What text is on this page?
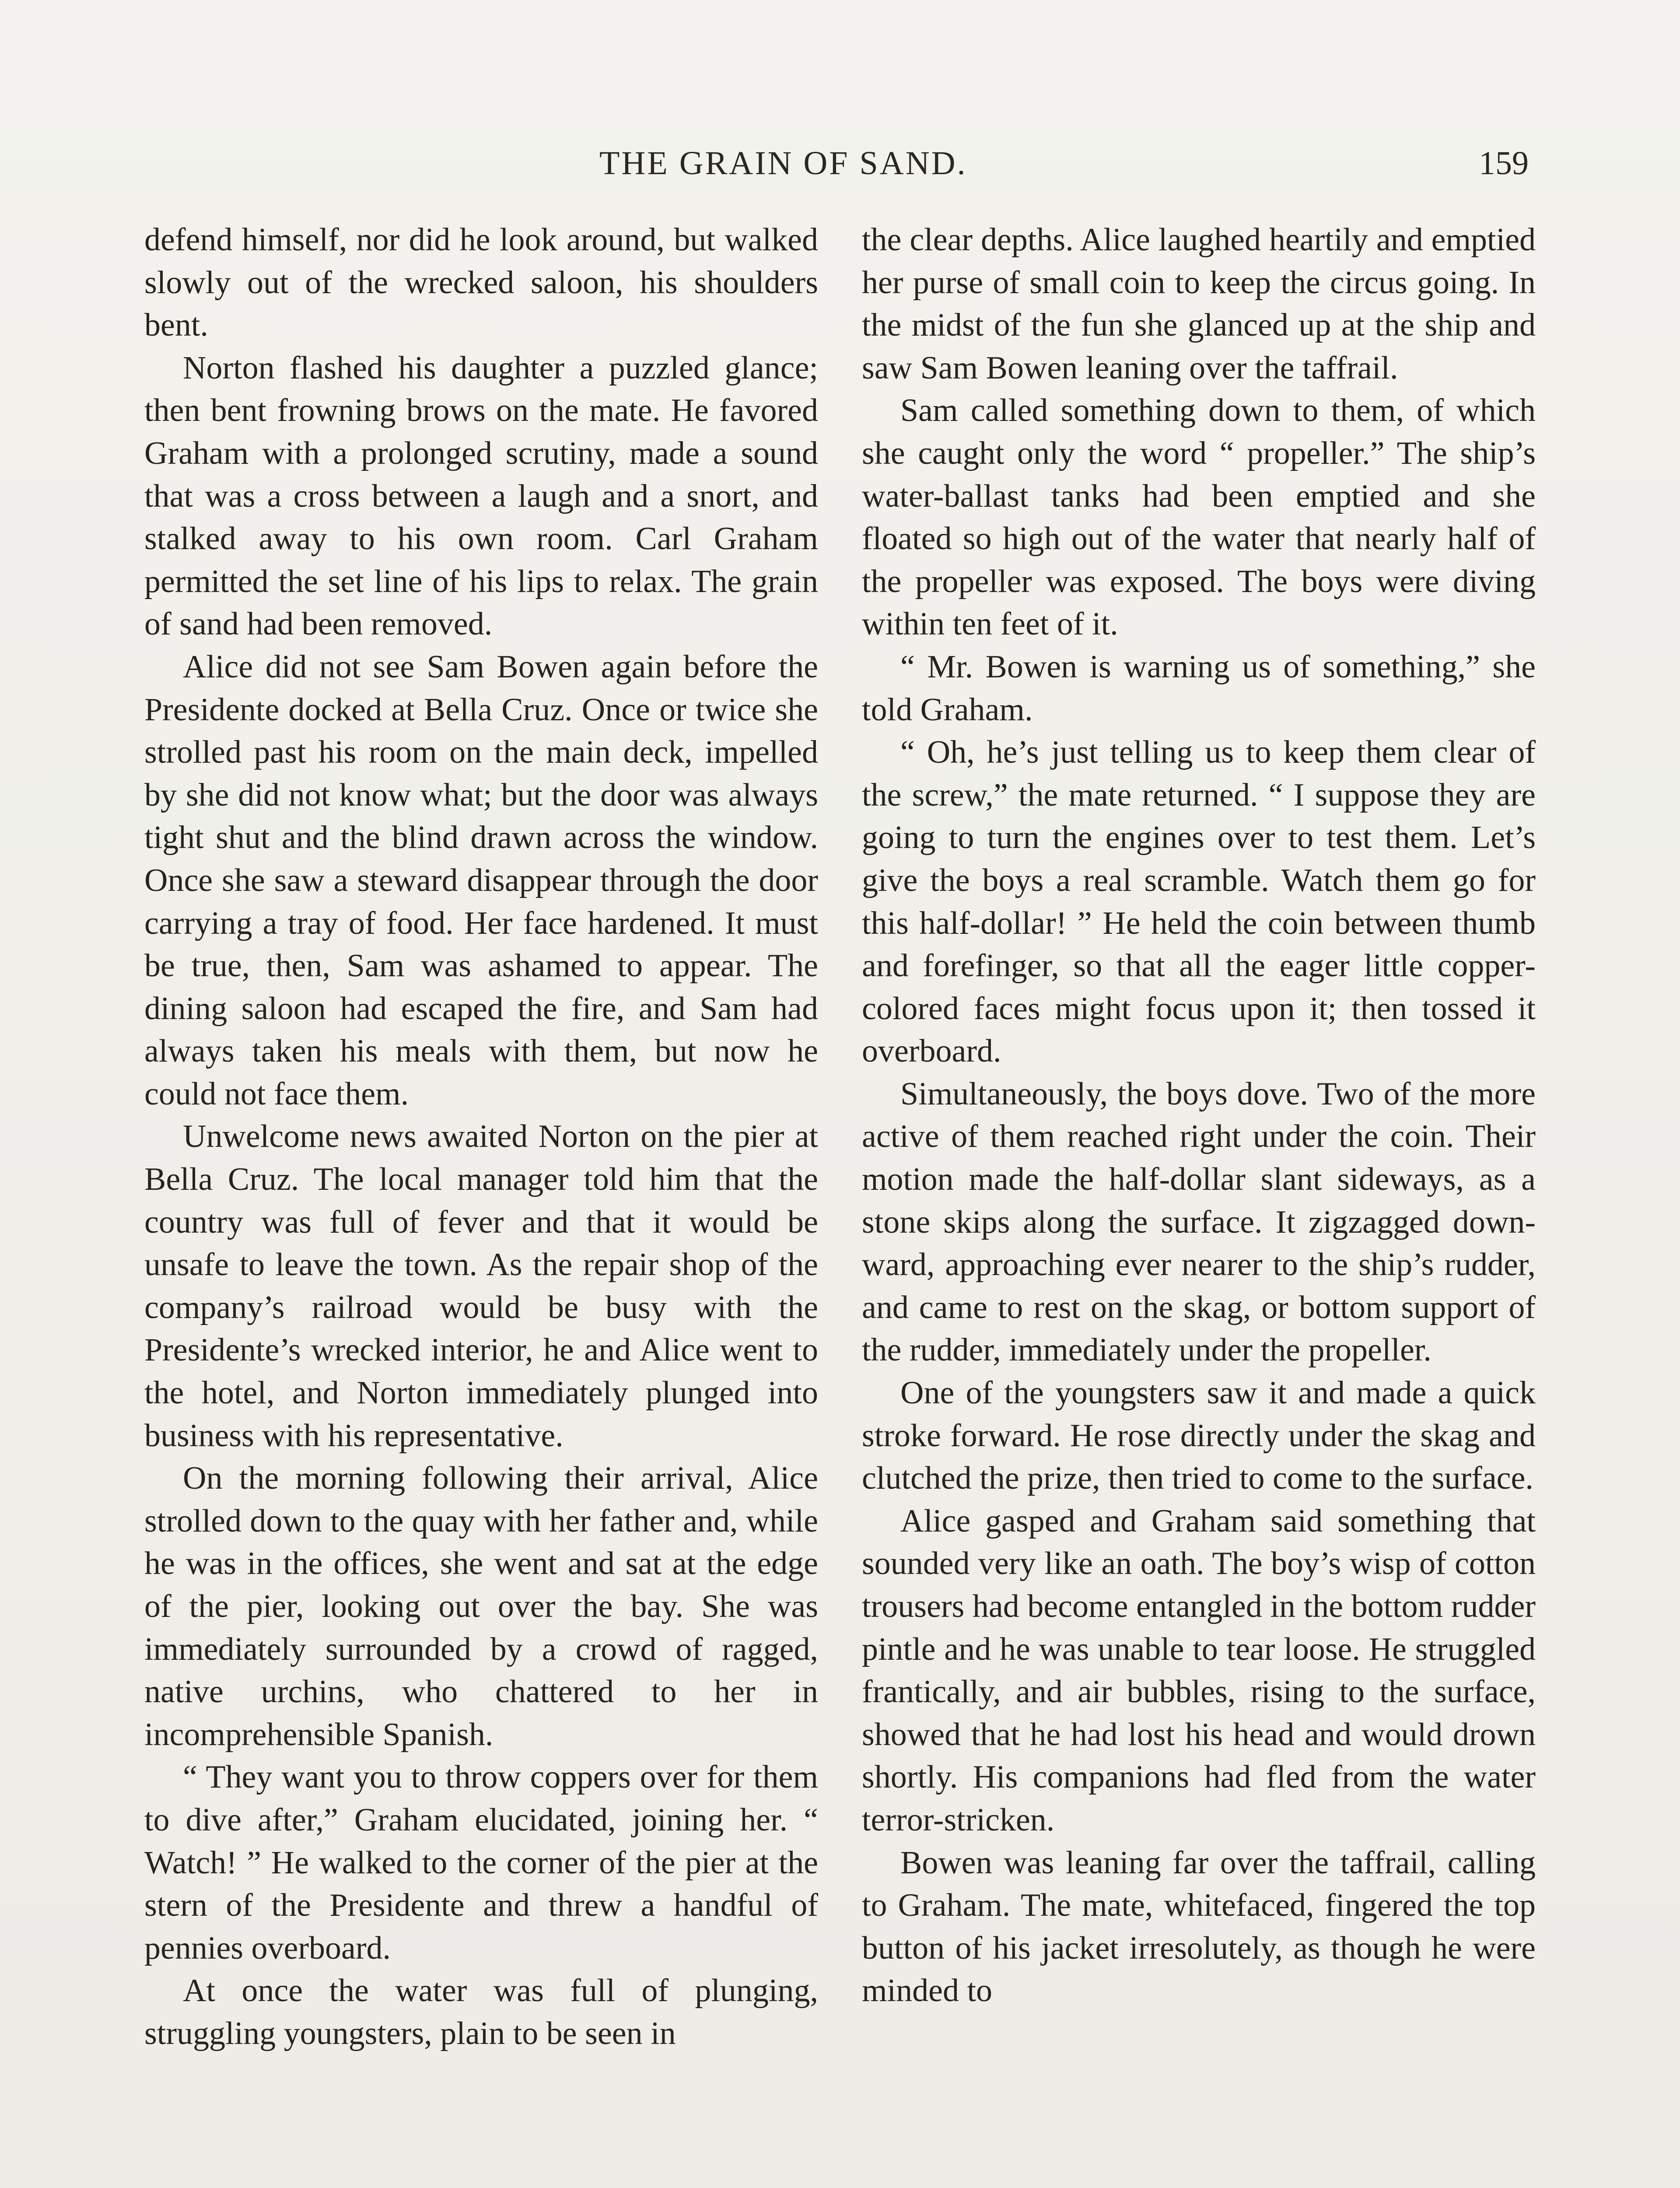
THE GRAIN OF SAND.	159

defend himself, nor did he look around, but walked slowly out of the wrecked saloon, his shoulders bent.

Norton flashed his daughter a puzzled glance; then bent frowning brows on the mate. He favored Graham with a prolonged scrutiny, made a sound that was a cross between a laugh and a snort, and stalked away to his own room. Carl Graham permitted the set line of his lips to relax. The grain of sand had been removed.

Alice did not see Sam Bowen again before the Presidente docked at Bella Cruz. Once or twice she strolled past his room on the main deck, impelled by she did not know what; but the door was always tight shut and the blind drawn across the window. Once she saw a steward disappear through the door carrying a tray of food. Her face hardened. It must be true, then, Sam was ashamed to appear. The dining saloon had escaped the fire, and Sam had always taken his meals with them, but now he could not face them.

Unwelcome news awaited Norton on the pier at Bella Cruz. The local manager told him that the country was full of fever and that it would be unsafe to leave the town. As the repair shop of the company’s railroad would be busy with the Presidente’s wrecked interior, he and Alice went to the hotel, and Norton immediately plunged into business with his representative.

On the morning following their arrival, Alice strolled down to the quay with her father and, while he was in the offices, she went and sat at the edge of the pier, looking out over the bay. She was immediately surrounded by a crowd of ragged, native urchins, who chattered to her in incomprehensible Spanish.

“ They want you to throw coppers over for them to dive after,” Graham elucidated, joining her. “ Watch! ” He walked to the corner of the pier at the stern of the Presidente and threw a handful of pennies overboard.

At once the water was full of plunging, struggling youngsters, plain to be seen in

the clear depths. Alice laughed heartily and emptied her purse of small coin to keep the circus going. In the midst of the fun she glanced up at the ship and saw Sam Bowen leaning over the taffrail.

Sam called something down to them, of which she caught only the word “ propeller.” The ship’s water-ballast tanks had been emptied and she floated so high out of the water that nearly half of the propeller was exposed. The boys were diving within ten feet of it.

“ Mr. Bowen is warning us of something,” she told Graham.

“ Oh, he’s just telling us to keep them clear of the screw,” the mate returned. “ I suppose they are going to turn the engines over to test them. Let’s give the boys a real scramble. Watch them go for this half-dollar! ” He held the coin between thumb and forefinger, so that all the eager little copper-colored faces might focus upon it; then tossed it overboard.

Simultaneously, the boys dove. Two of the more active of them reached right under the coin. Their motion made the half-dollar slant sideways, as a stone skips along the surface. It zigzagged downward, approaching ever nearer to the ship’s rudder, and came to rest on the skag, or bottom support of the rudder, immediately under the propeller.

One of the youngsters saw it and made a quick stroke forward. He rose directly under the skag and clutched the prize, then tried to come to the surface.

Alice gasped and Graham said something that sounded very like an oath. The boy’s wisp of cotton trousers had become entangled in the bottom rudder pintle and he was unable to tear loose. He struggled frantically, and air bubbles, rising to the surface, showed that he had lost his head and would drown shortly. His companions had fled from the water terror-stricken.

Bowen was leaning far over the taffrail, calling to Graham. The mate, whitefaced, fingered the top button of his jacket irresolutely, as though he were minded to
